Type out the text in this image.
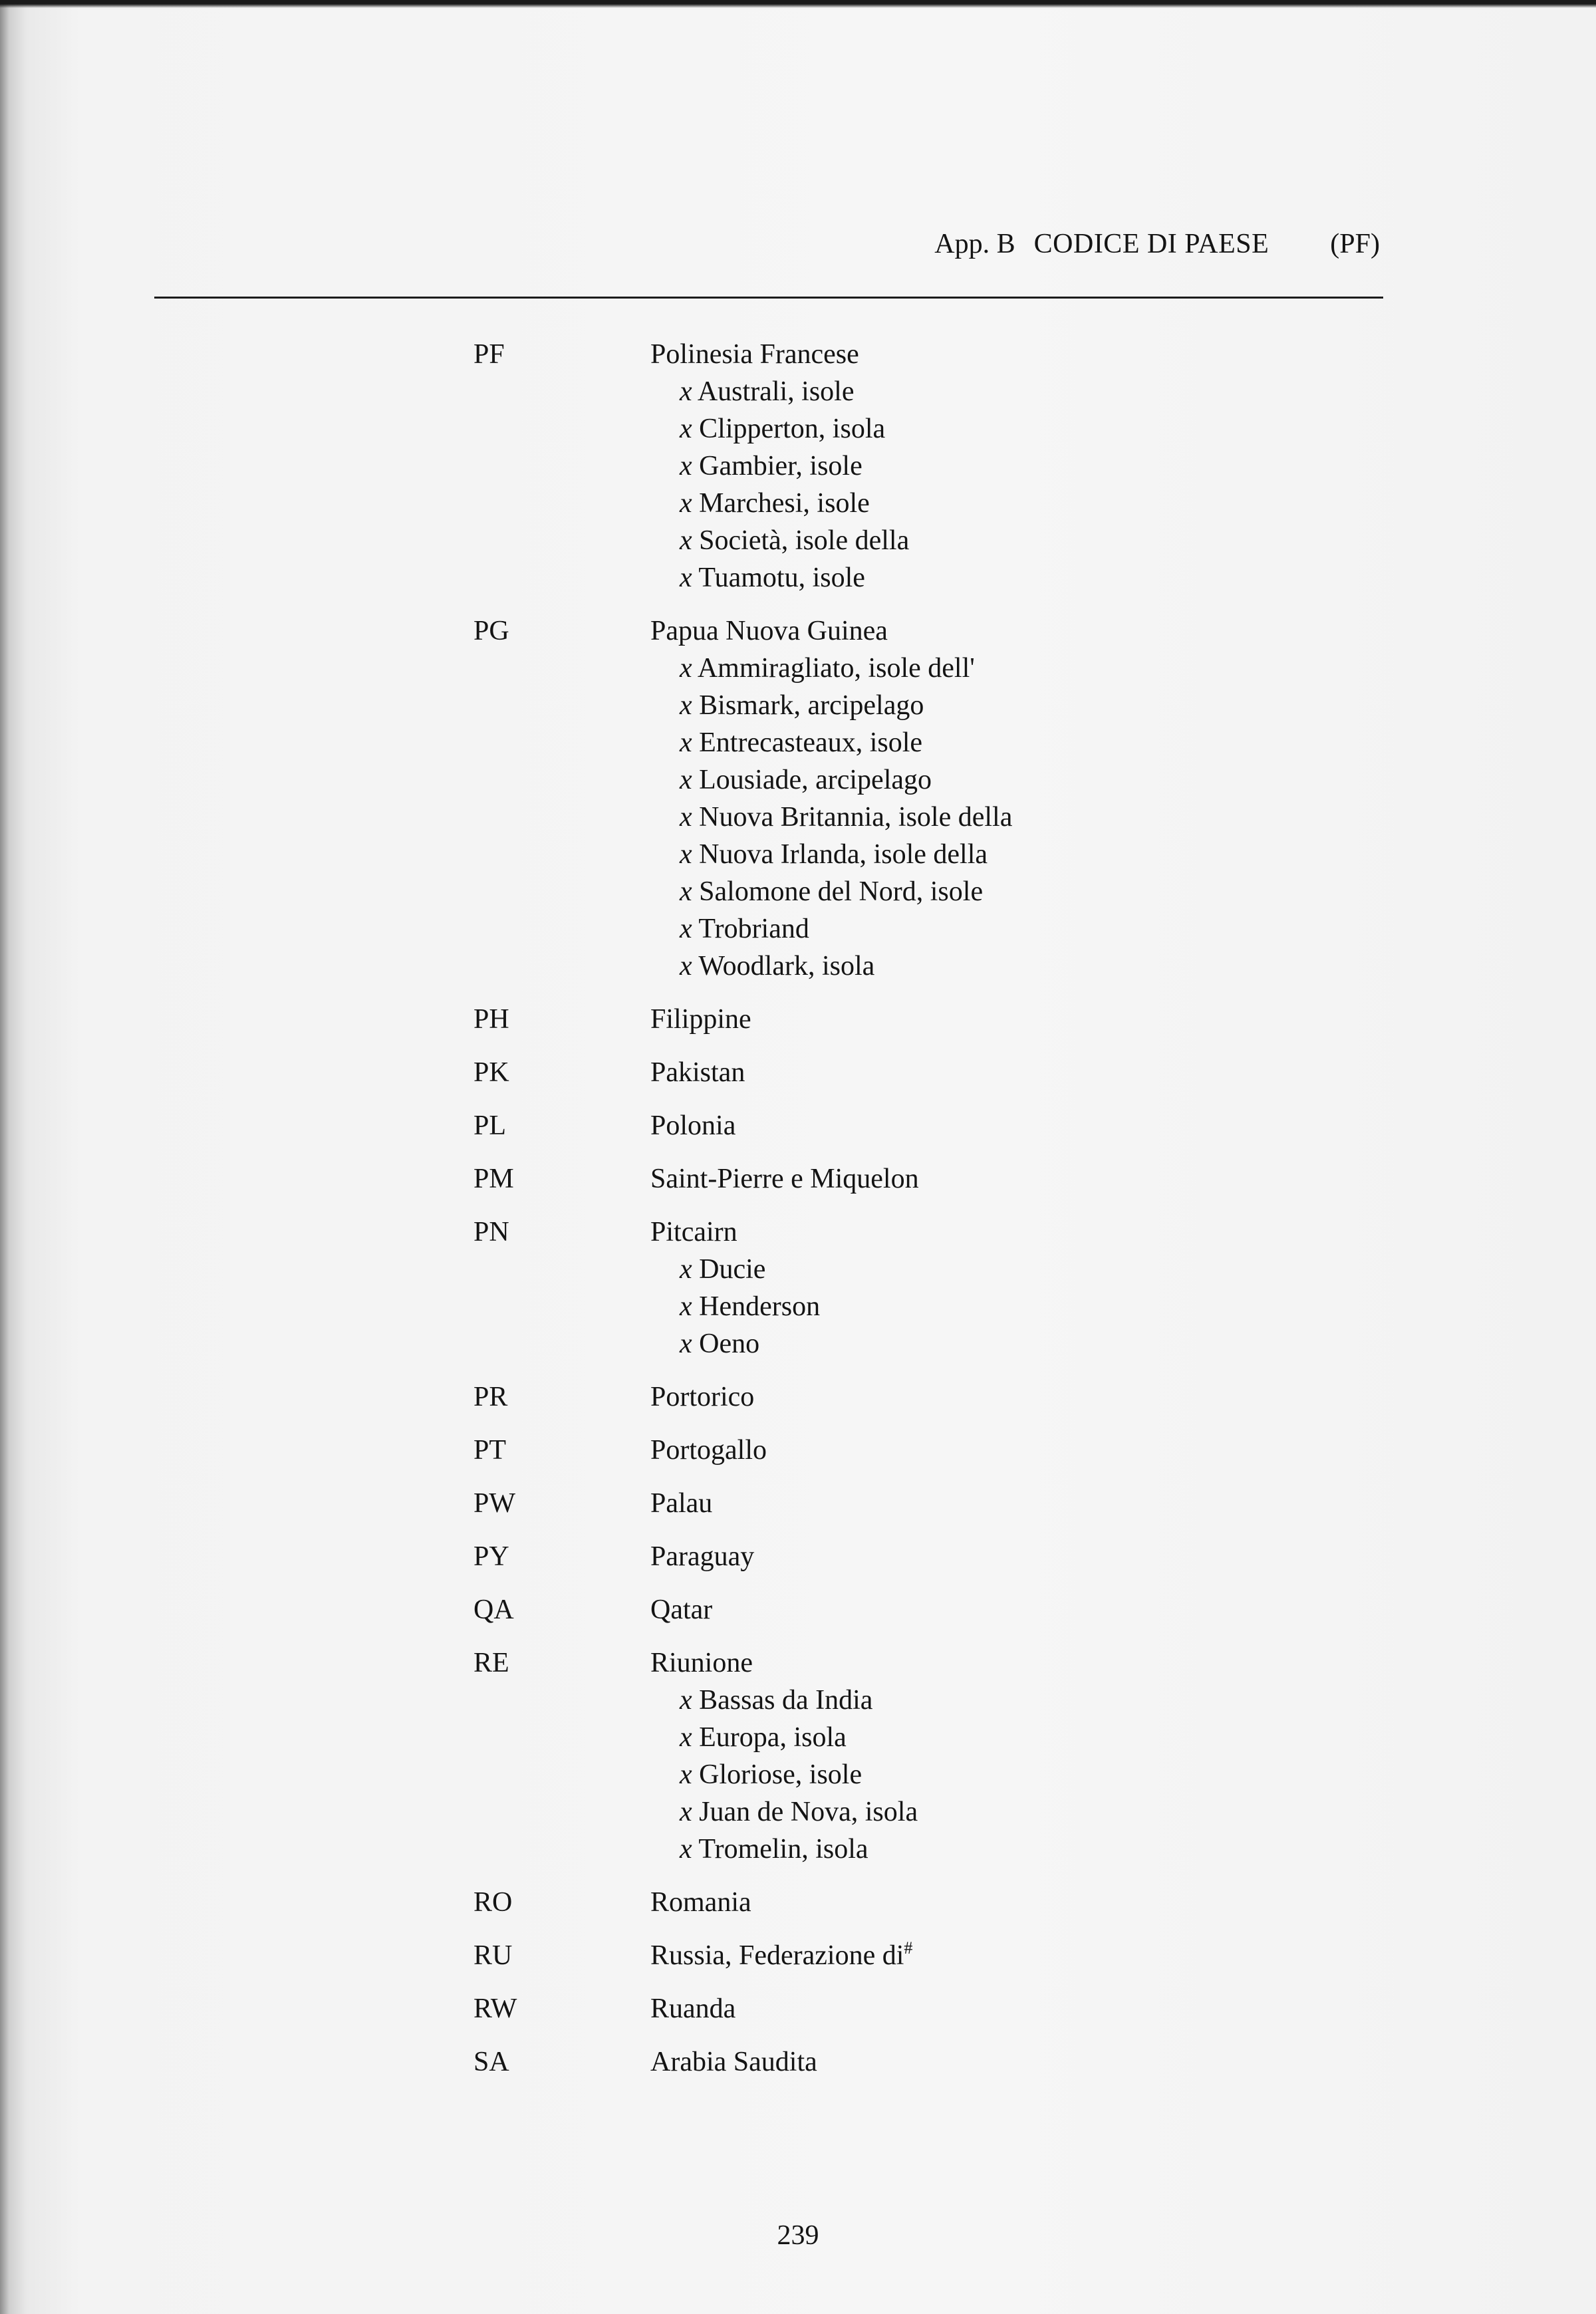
App. B CODICE DI PAESE (PF)
PF	Polinesia Francese
x Australi, isole
x Clipperton, isola
x Gambier, isole
x Marchesi, isole
x Società, isole della
x Tuamotu, isole
PG	Papua Nuova Guinea
x Ammiragliato, isole dell'
x Bismark, arcipelago
x Entrecasteaux, isole
x Lousiade, arcipelago
x Nuova Britannia, isole della
x Nuova Irlanda, isole della
x Salomone del Nord, isole
x Trobriand
x Woodlark, isola
PH	Filippine
PK	Pakistan
PL	Polonia
PM	Saint-Pierre e Miquelon
PN	Pitcairn
x Ducie
x Henderson
x Oeno
PR	Portorico
PT	Portogallo
PW	Palau
PY	Paraguay
QA	Qatar
RE	Riunione
x Bassas da India
x Europa, isola
x Gloriose, isole
x Juan de Nova, isola
x Tromelin, isola
RO	Romania
RU	Russia, Federazione di#
RW	Ruanda
SA	Arabia Saudita
239
